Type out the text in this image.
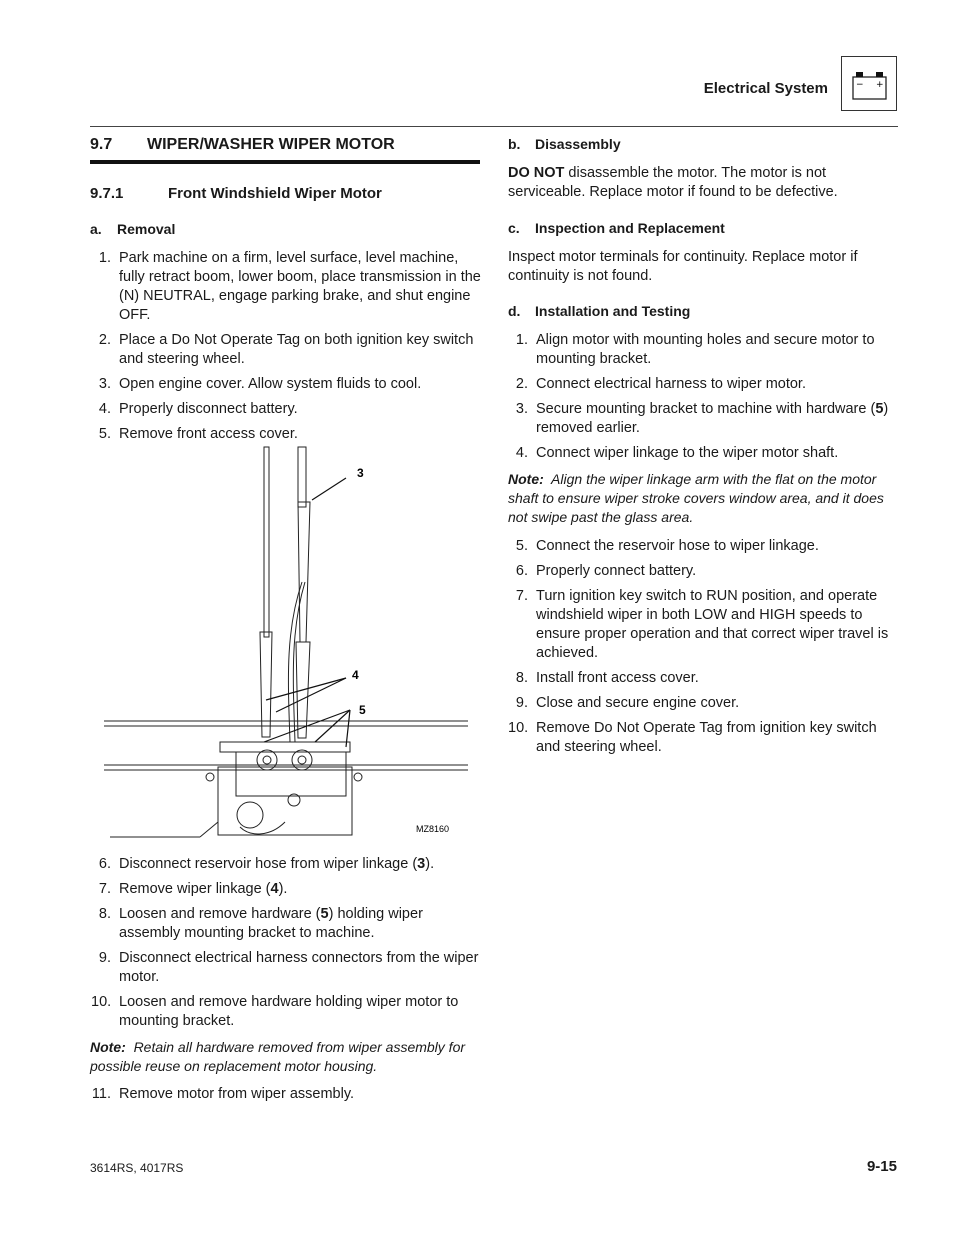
Electrical System	− +
9.7 WIPER/WASHER WIPER MOTOR
9.7.1	Front Windshield Wiper Motor
a. Removal
1. Park machine on a firm, level surface, level machine, fully retract boom, lower boom, place transmission in the (N) NEUTRAL, engage parking brake, and shut engine OFF.
2. Place a Do Not Operate Tag on both ignition key switch and steering wheel.
3. Open engine cover. Allow system fluids to cool.
4. Properly disconnect battery.
5. Remove front access cover.
3
4
5
MZ8160
6. Disconnect reservoir hose from wiper linkage (3).
7. Remove wiper linkage (4).
8. Loosen and remove hardware (5) holding wiper assembly mounting bracket to machine.
9. Disconnect electrical harness connectors from the wiper motor.
10. Loosen and remove hardware holding wiper motor to mounting bracket.
Note: Retain all hardware removed from wiper assembly for possible reuse on replacement motor housing.
11. Remove motor from wiper assembly.
b. Disassembly
DO NOT disassemble the motor. The motor is not serviceable. Replace motor if found to be defective.
c. Inspection and Replacement
Inspect motor terminals for continuity. Replace motor if continuity is not found.
d. Installation and Testing
1. Align motor with mounting holes and secure motor to mounting bracket.
2. Connect electrical harness to wiper motor.
3. Secure mounting bracket to machine with hardware (5) removed earlier.
4. Connect wiper linkage to the wiper motor shaft.
Note: Align the wiper linkage arm with the flat on the motor shaft to ensure wiper stroke covers window area, and it does not swipe past the glass area.
5. Connect the reservoir hose to wiper linkage.
6. Properly connect battery.
7. Turn ignition key switch to RUN position, and operate windshield wiper in both LOW and HIGH speeds to ensure proper operation and that correct wiper travel is achieved.
8. Install front access cover.
9. Close and secure engine cover.
10. Remove Do Not Operate Tag from ignition key switch and steering wheel.
3614RS, 4017RS	9-15
